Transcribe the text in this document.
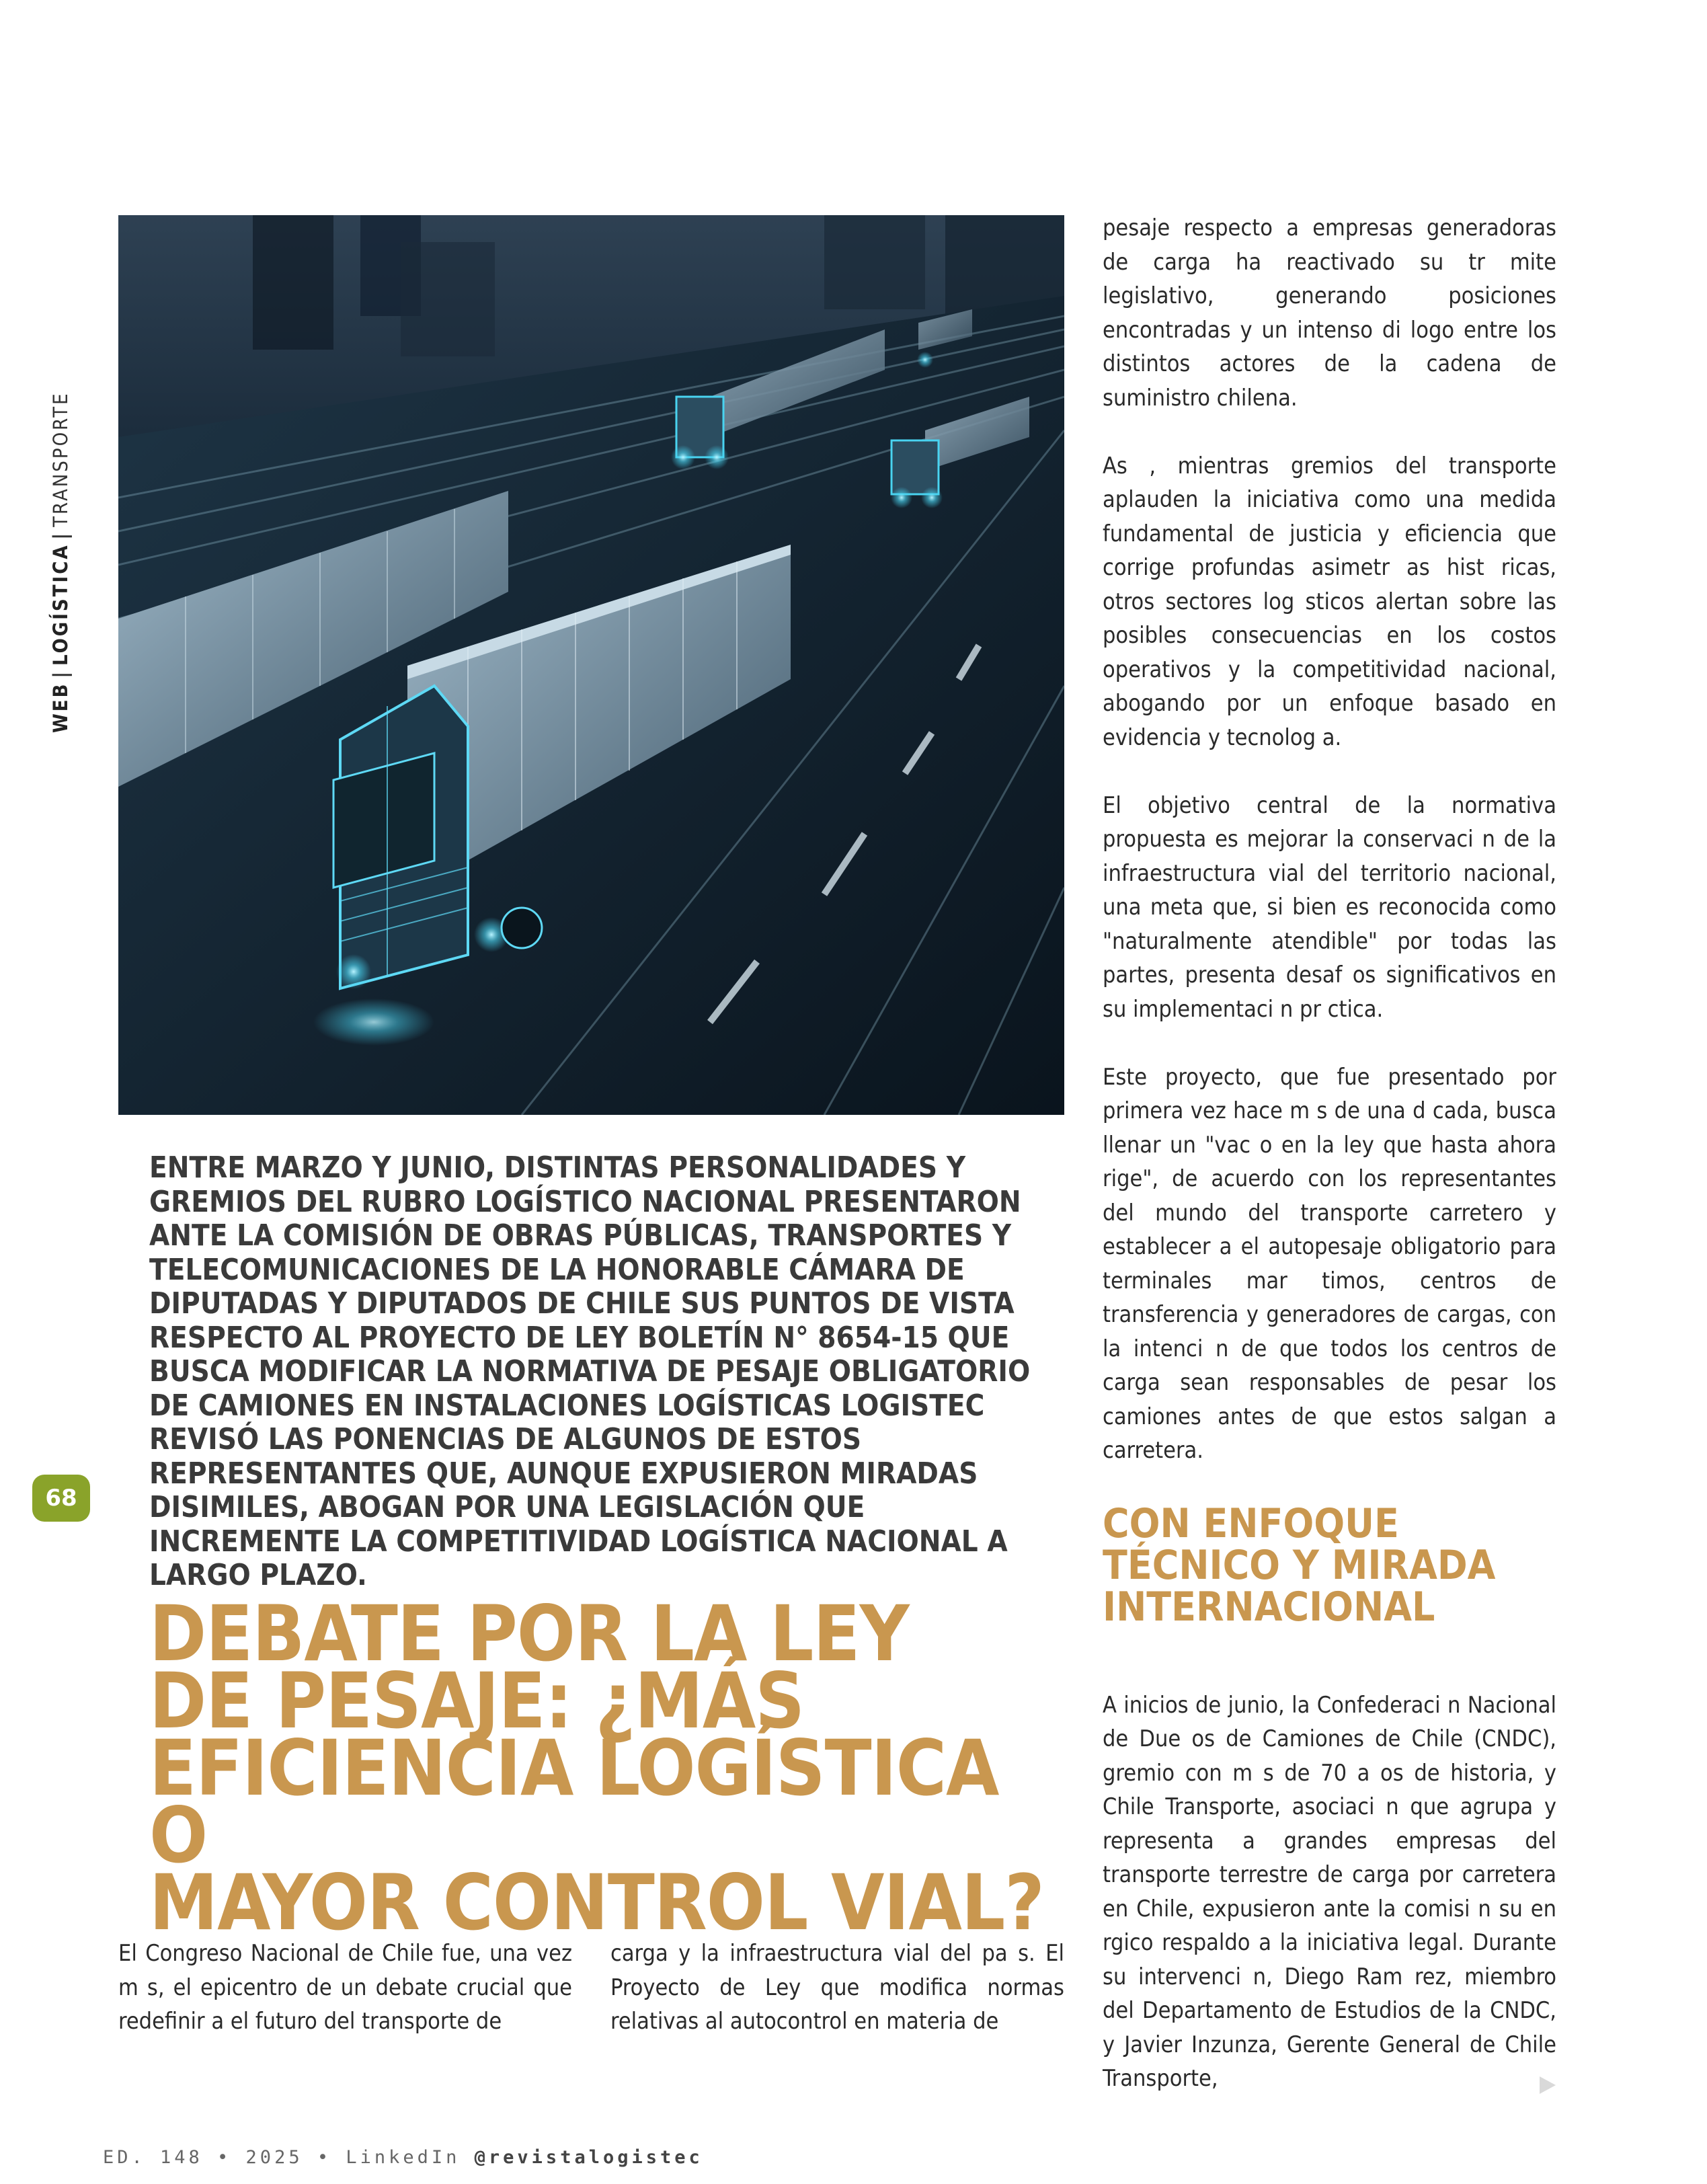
WEB
|
LOGÍSTICA
|
TRANSPORTE
68

ENTRE MARZO Y JUNIO, DISTINTAS PERSONALIDADES Y GREMIOS DEL RUBRO LOGÍSTICO NACIONAL PRESENTARON ANTE LA COMISIÓN DE OBRAS PÚBLICAS, TRANSPORTES Y TELECOMUNICACIONES DE LA HONORABLE CÁMARA DE DIPUTADAS Y DIPUTADOS DE CHILE SUS PUNTOS DE VISTA RESPECTO AL PROYECTO DE LEY BOLETÍN N° 8654-15 QUE BUSCA MODIFICAR LA NORMATIVA DE PESAJE OBLIGATORIO DE CAMIONES EN INSTALACIONES LOGÍSTICAS LOGISTEC REVISÓ LAS PONENCIAS DE ALGUNOS DE ESTOS REPRESENTANTES QUE, AUNQUE EXPUSIERON MIRADAS DISIMILES, ABOGAN POR UNA LEGISLACIÓN QUE INCREMENTE LA COMPETITIVIDAD LOGÍSTICA NACIONAL A LARGO PLAZO.

DEBATE POR LA LEY
DE PESAJE: ¿MÁS
EFICIENCIA LOGÍSTICA O
MAYOR CONTROL VIAL?

El Congreso Nacional de Chile fue, una vez m s, el epicentro de un debate crucial que redefinir a el futuro del transporte de

carga y la infraestructura vial del pa s. El Proyecto de Ley que modifica normas relativas al autocontrol en materia de

pesaje respecto a empresas generadoras de carga ha reactivado su tr mite legislativo, generando posiciones encontradas y un intenso di logo entre los distintos actores de la cadena de suministro chilena.

As , mientras gremios del transporte aplauden la iniciativa como una medida fundamental de justicia y eficiencia que corrige profundas asimetr as hist ricas, otros sectores log sticos alertan sobre las posibles consecuencias en los costos operativos y la competitividad nacional, abogando por un enfoque basado en evidencia y tecnolog a.

El objetivo central de la normativa propuesta es mejorar la conservaci n de la infraestructura vial del territorio nacional, una meta que, si bien es reconocida como "naturalmente atendible" por todas las partes, presenta desaf os significativos en su implementaci n pr ctica.

Este proyecto, que fue presentado por primera vez hace m s de una d cada, busca llenar un "vac o en la ley que hasta ahora rige", de acuerdo con los representantes del mundo del transporte carretero y establecer a el autopesaje obligatorio para terminales mar timos, centros de transferencia y generadores de cargas, con la intenci n de que todos los centros de carga sean responsables de pesar los camiones antes de que estos salgan a carretera.

CON ENFOQUE
TÉCNICO Y MIRADA
INTERNACIONAL

A inicios de junio, la Confederaci n Nacional de Due os de Camiones de Chile (CNDC), gremio con m s de 70 a os de historia, y Chile Transporte, asociaci n que agrupa y representa a grandes empresas del transporte terrestre de carga por carretera en Chile, expusieron ante la comisi n su en rgico respaldo a la iniciativa legal. Durante su intervenci n, Diego Ram rez, miembro del Departamento de Estudios de la CNDC, y Javier Inzunza, Gerente General de Chile Transporte,

ED. 148 • 2025 • LinkedIn @revistalogistec
